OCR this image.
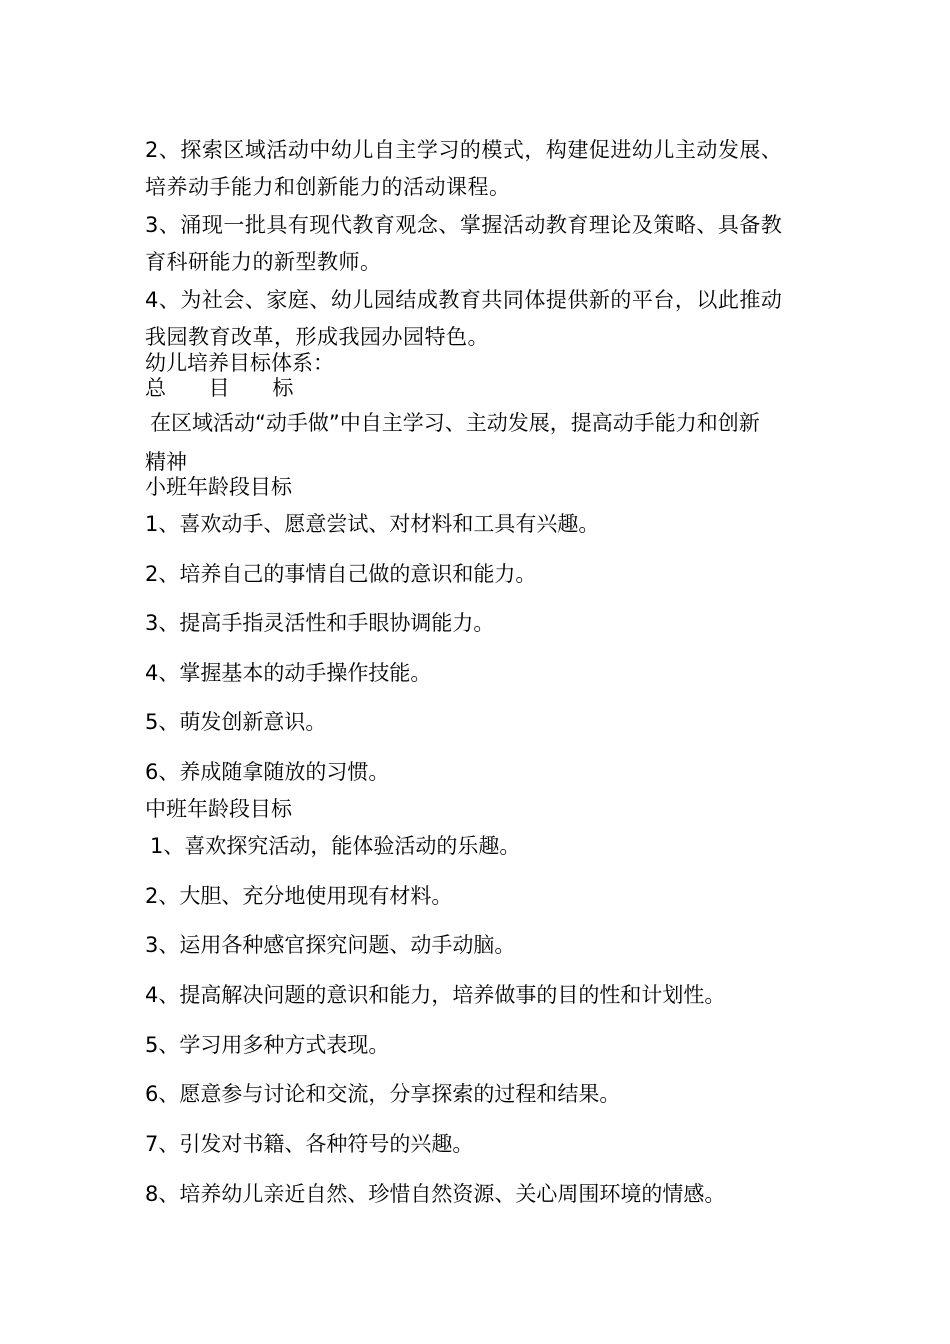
2、探索区域活动中幼儿自主学习的模式，构建促进幼儿主动发展、

培养动手能力和创新能力的活动课程。

3、涌现一批具有现代教育观念、掌握活动教育理论及策略、具备教

育科研能力的新型教师。

4、为社会、家庭、幼儿园结成教育共同体提供新的平台，以此推动

我园教育改革，形成我园办园特色。

幼儿培养目标体系：

总 目 标

在区域活动“动手做”中自主学习、主动发展，提高动手能力和创新

精神

小班年龄段目标

1、喜欢动手、愿意尝试、对材料和工具有兴趣。

2、培养自己的事情自己做的意识和能力。

3、提高手指灵活性和手眼协调能力。

4、掌握基本的动手操作技能。

5、萌发创新意识。

6、养成随拿随放的习惯。

中班年龄段目标

1、喜欢探究活动，能体验活动的乐趣。

2、大胆、充分地使用现有材料。

3、运用各种感官探究问题、动手动脑。

4、提高解决问题的意识和能力，培养做事的目的性和计划性。

5、学习用多种方式表现。

6、愿意参与讨论和交流，分享探索的过程和结果。

7、引发对书籍、各种符号的兴趣。

8、培养幼儿亲近自然、珍惜自然资源、关心周围环境的情感。
